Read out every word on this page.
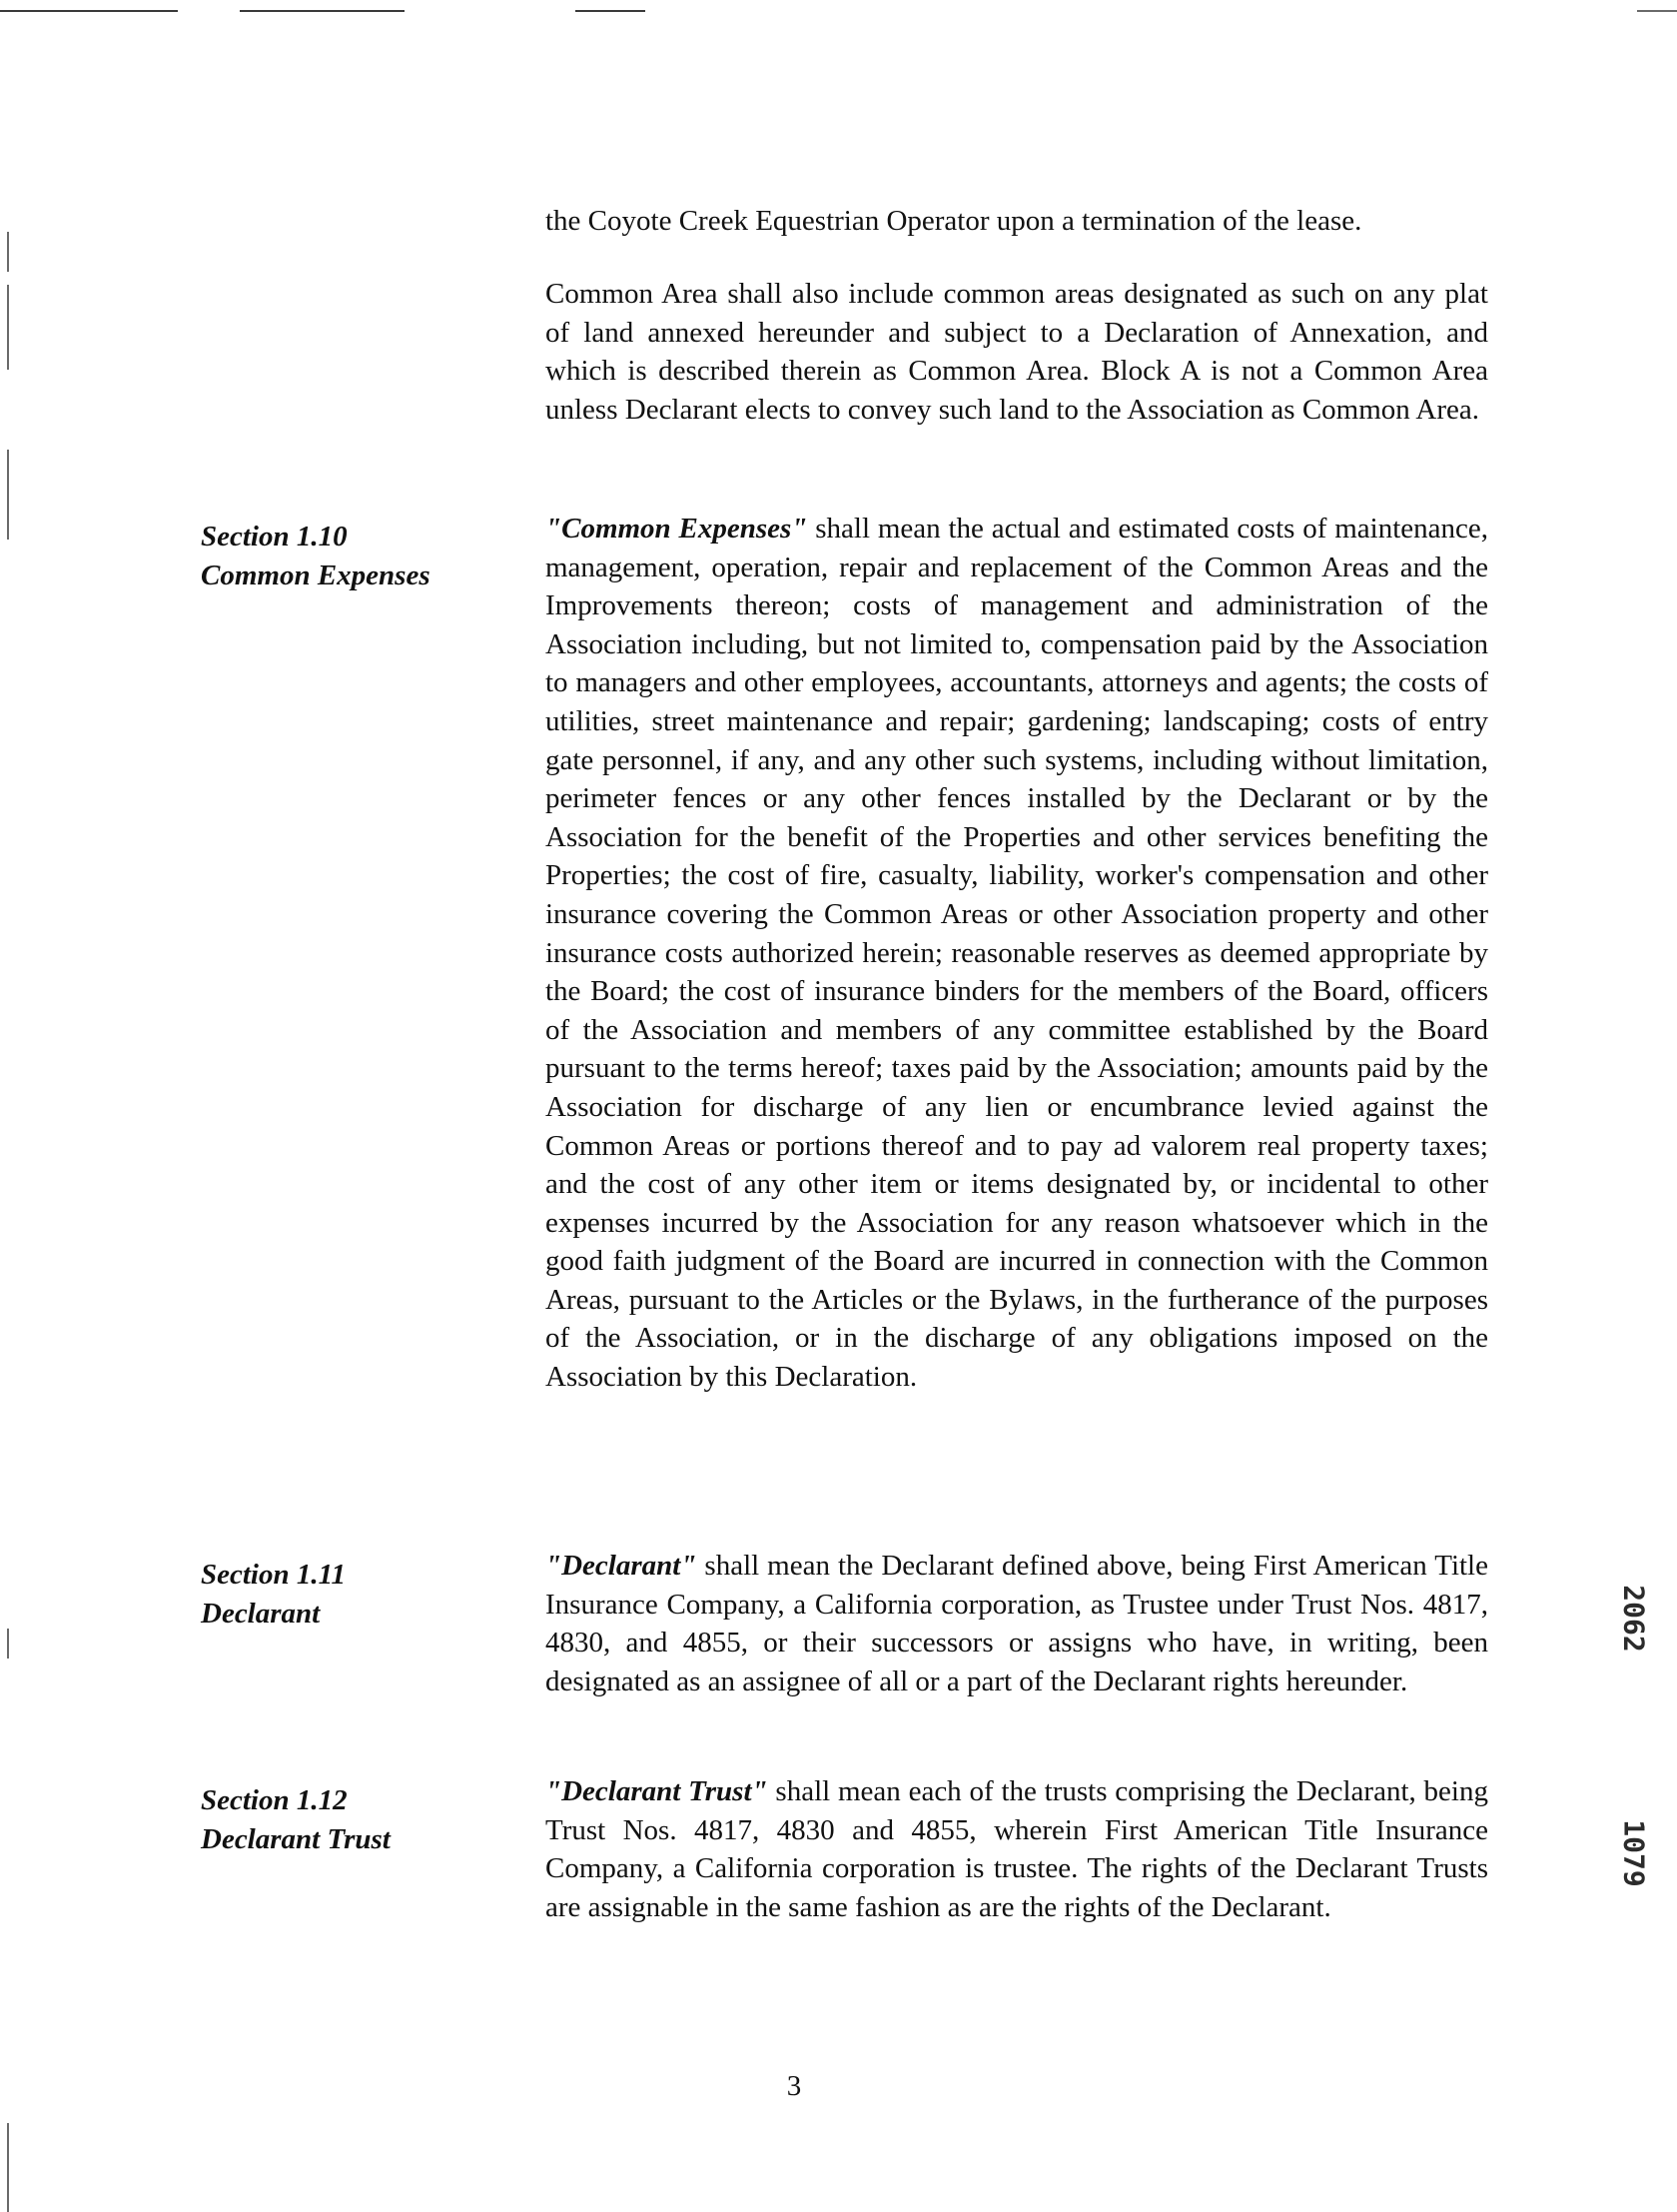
the Coyote Creek Equestrian Operator upon a termination of the lease.

Common Area shall also include common areas designated as such on any plat of land annexed hereunder and subject to a Declaration of Annexation, and which is described therein as Common Area. Block A is not a Common Area unless Declarant elects to convey such land to the Association as Common Area.

Section 1.10
Common Expenses

"Common Expenses" shall mean the actual and estimated costs of maintenance, management, operation, repair and replacement of the Common Areas and the Improvements thereon; costs of management and administration of the Association including, but not limited to, compensation paid by the Association to managers and other employees, accountants, attorneys and agents; the costs of utilities, street maintenance and repair; gardening; landscaping; costs of entry gate personnel, if any, and any other such systems, including without limitation, perimeter fences or any other fences installed by the Declarant or by the Association for the benefit of the Properties and other services benefiting the Properties; the cost of fire, casualty, liability, worker's compensation and other insurance covering the Common Areas or other Association property and other insurance costs authorized herein; reasonable reserves as deemed appropriate by the Board; the cost of insurance binders for the members of the Board, officers of the Association and members of any committee established by the Board pursuant to the terms hereof; taxes paid by the Association; amounts paid by the Association for discharge of any lien or encumbrance levied against the Common Areas or portions thereof and to pay ad valorem real property taxes; and the cost of any other item or items designated by, or incidental to other expenses incurred by the Association for any reason whatsoever which in the good faith judgment of the Board are incurred in connection with the Common Areas, pursuant to the Articles or the Bylaws, in the furtherance of the purposes of the Association, or in the discharge of any obligations imposed on the Association by this Declaration.

Section 1.11
Declarant

"Declarant" shall mean the Declarant defined above, being First American Title Insurance Company, a California corporation, as Trustee under Trust Nos. 4817, 4830, and 4855, or their successors or assigns who have, in writing, been designated as an assignee of all or a part of the Declarant rights hereunder.

Section 1.12
Declarant Trust

"Declarant Trust" shall mean each of the trusts comprising the Declarant, being Trust Nos. 4817, 4830 and 4855, wherein First American Title Insurance Company, a California corporation is trustee. The rights of the Declarant Trusts are assignable in the same fashion as are the rights of the Declarant.

3
2062
1079
